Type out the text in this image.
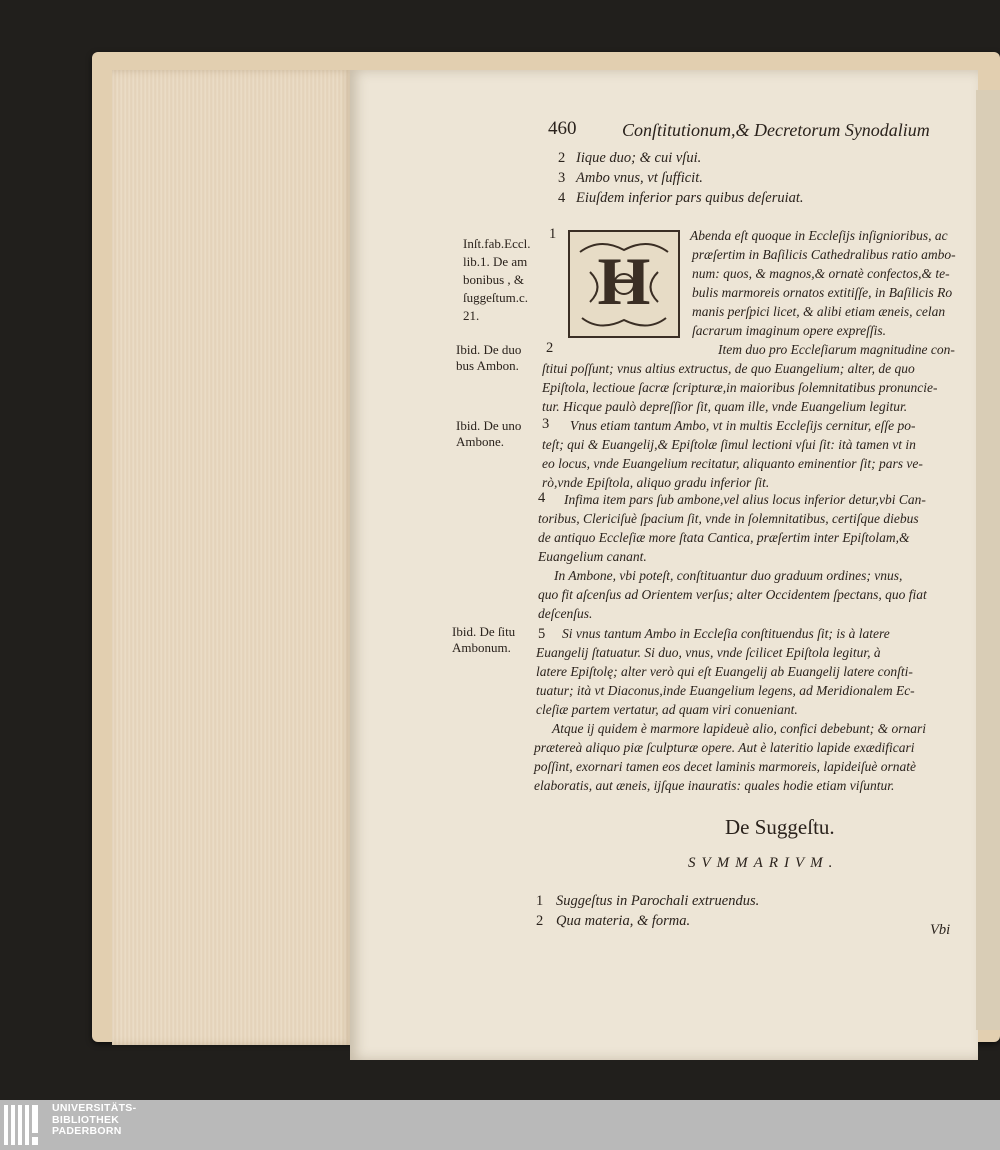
460	Conſtitutionum,& Decretorum Synodalium
2 Iique duo; & cui vſui.
3 Ambo vnus, vt ſufficit.
4 Eiuſdem inferior pars quibus deſeruiat.
Inſt.fab.Eccl.
lib.1. De am
bonibus , &
ſuggeſtum.c.
21.
Ibid. De duo
bus Ambon.
Ibid. De uno
Ambone.
Ibid. De ſitu
Ambonum.
1
2
3
4
5
H
Abenda eſt quoque in Eccleſijs inſignioribus, ac
præſertim in Baſilicis Cathedralibus ratio ambo-
num: quos, & magnos,& ornatè confectos,& te-
bulis marmoreis ornatos extitiſſe, in Baſilicis Ro
manis perſpici licet, & alibi etiam æneis, celan
ſacrarum imaginum opere expreſſis.
Item duo pro Eccleſiarum magnitudine con-
ſtitui poſſunt; vnus altius extructus, de quo Euangelium; alter, de quo
Epiſtola, lectioue ſacræ ſcripturæ,in maioribus ſolemnitatibus pronuncie-
tur. Hicque paulò depreſſior ſit, quam ille, vnde Euangelium legitur.
Vnus etiam tantum Ambo, vt in multis Eccleſijs cernitur, eſſe po-
teſt; qui & Euangelij,& Epiſtolæ ſimul lectioni vſui ſit: ità tamen vt in
eo locus, vnde Euangelium recitatur, aliquanto eminentior ſit; pars ve-
rò,vnde Epiſtola, aliquo gradu inferior ſit.
Infima item pars ſub ambone,vel alius locus inferior detur,vbi Can-
toribus, Clericiſuè ſpacium ſit, vnde in ſolemnitatibus, certiſque diebus
de antiquo Eccleſiæ more ſtata Cantica, præſertim inter Epiſtolam,&
Euangelium canant.
In Ambone, vbi poteſt, conſtituantur duo graduum ordines; vnus,
quo fit aſcenſus ad Orientem verſus; alter Occidentem ſpectans, quo fiat
deſcenſus.
Si vnus tantum Ambo in Eccleſia conſtituendus ſit; is à latere
Euangelij ſtatuatur. Si duo, vnus, vnde ſcilicet Epiſtola legitur, à
latere Epiſtolę; alter verò qui eſt Euangelij ab Euangelij latere conſti-
tuatur; ità vt Diaconus,inde Euangelium legens, ad Meridionalem Ec-
cleſiæ partem vertatur, ad quam viri conueniant.
Atque ij quidem è marmore lapideuè alio, confici debebunt; & ornari
prætereà aliquo piæ ſculpturæ opere. Aut è lateritio lapide exædificari
poſſint, exornari tamen eos decet laminis marmoreis, lapideiſuè ornatè
elaboratis, aut æneis, ijſque inauratis: quales hodie etiam viſuntur.
De Suggeſtu.
SVMMARIVM.
1 Suggeſtus in Parochali extruendus.
2 Qua materia, & forma.
Vbi
UNIVERSITÄTS-
BIBLIOTHEK
PADERBORN
